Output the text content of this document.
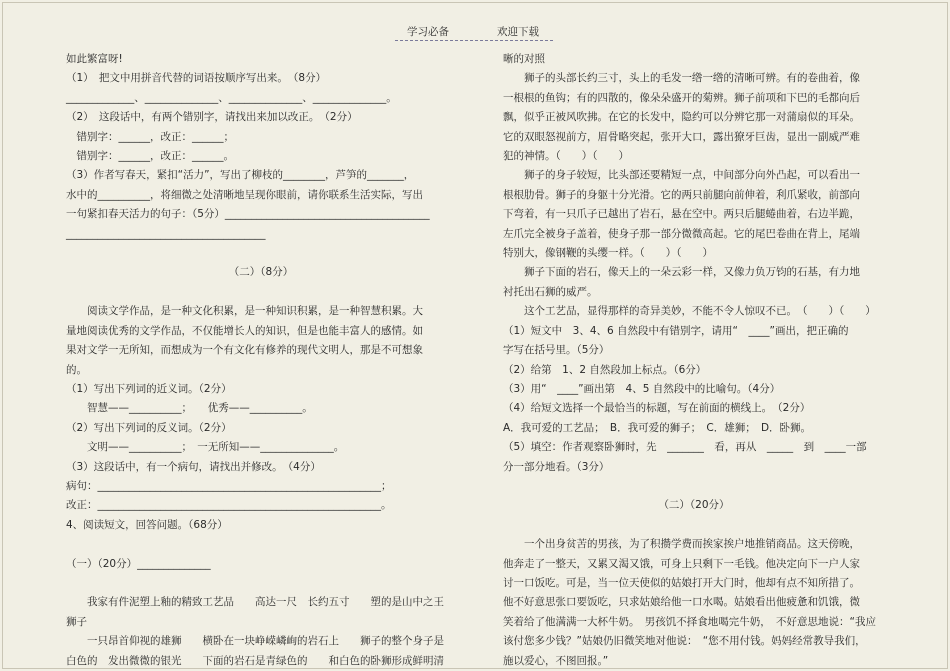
学习必备	欢迎下载

如此繁富呀!

（1）　把文中用拼音代替的词语按顺序写出来。　（8分）

_____________、______________、______________、______________。

（2）　这段话中，有两个错别字，请找出来加以改正。　（2分）

　错别字：______，改正：______；

　错别字：______，改正：______。

（3）作者写春天，紧扣“活力”，写出了柳枝的________，芦笋的_______，

水中的__________，将细微之处清晰地呈现你眼前，请你联系生活实际，写出

一句紧扣春天活力的句子：（5分）_______________________________________

______________________________________

（二）（8分）

　　阅读文学作品，是一种文化积累，是一种知识积累，是一种智慧积累。大

量地阅读优秀的文学作品，不仅能增长人的知识，但是也能丰富人的感情。如

果对文学一无所知，而想成为一个有文化有修养的现代文明人，那是不可想象

的。

（1）写出下列词的近义词。（2分）

　　智慧——__________；　　优秀——__________。

（2）写出下列词的反义词。（2分）

　　文明——__________；　一无所知——______________。

（3）这段话中，有一个病句，请找出并修改。　（4分）

病句：______________________________________________________；

改正：______________________________________________________。

4、阅读短文，回答问题。（68分）

（一）（20分）______________

　　我家有件泥塑上釉的精致工艺品　　高达一尺　长约五寸　　塑的是山中之王

狮子

　　一只昂首仰视的雄狮　　横卧在一块峥嵘嶙峋的岩石上　　狮子的整个身子是

白色的　发出微微的银光　　下面的岩石是青绿色的　　和白色的卧狮形成鲜明清

晰的对照

　　狮子的头部长约三寸，头上的毛发一绺一绺的清晰可辨。有的卷曲着，像

一根根的鱼钩；有的四散的，像朵朵盛开的菊辨。狮子前项和下巴的毛都向后

飘，似乎正被风吹拂。在它的长发中，隐约可以分辨它那一对蒲扇似的耳朵。

它的双眼怒视前方，眉骨略突起，张开大口，露出獠牙巨齿，显出一副威严难

犯的神情。（　　）（　　）

　　狮子的身子较短，比头部还要精短一点，中间部分向外凸起，可以看出一

根根肋骨。狮子的身躯十分光滑。它的两只前腿向前伸着，利爪紧收，前部向

下弯着，有一只爪子已越出了岩石，悬在空中。两只后腿蜷曲着，右边半跪，

左爪完全被身子盖着，使身子那一部分微微高起。它的尾巴卷曲在背上，尾端

特别大，像钢鞭的头缨一样。（　　）（　　）

　　狮子下面的岩石，像天上的一朵云彩一样，又像力负万钧的石基，有力地

衬托出石狮的威严。

　　这个工艺品，显得那样的奇异美妙，不能不令人惊叹不已。　（　　）（　　）

（1）短文中　3、4、6 自然段中有错别字，请用“　____”画出，把正确的

字写在括号里。（5分）

（2）给第　1、2 自然段加上标点。（6分）

（3）用“　____”画出第　4、5 自然段中的比喻句。（4分）

（4）给短文选择一个最恰当的标题，写在前面的横线上。　（2分）

A．我可爱的工艺品；　B．我可爱的狮子；　C．雄狮；　D．卧狮。

（5）填空：作者观察卧狮时，先　_______　看，再从　_____　到　____一部

分一部分地看。（3分）

（二）（20分）

　　一个出身贫苦的男孩，为了积攒学费而挨家挨户地推销商品。这天傍晚，

他奔走了一整天，又累又渴又饿，可身上只剩下一毛钱。他决定向下一户人家

讨一口饭吃。可是，当一位天使似的姑娘打开大门时，他却有点不知所措了。

他不好意思张口要饭吃，只求姑娘给他一口水喝。姑娘看出他疲惫和饥饿，微

笑着给了他满满一大杯牛奶。　男孩饥不择食地喝完牛奶，　不好意思地说：“我应

该付您多少钱？”姑娘仍旧微笑地对他说：　“您不用付钱。妈妈经常教导我们，

施以爱心，不图回报。”
